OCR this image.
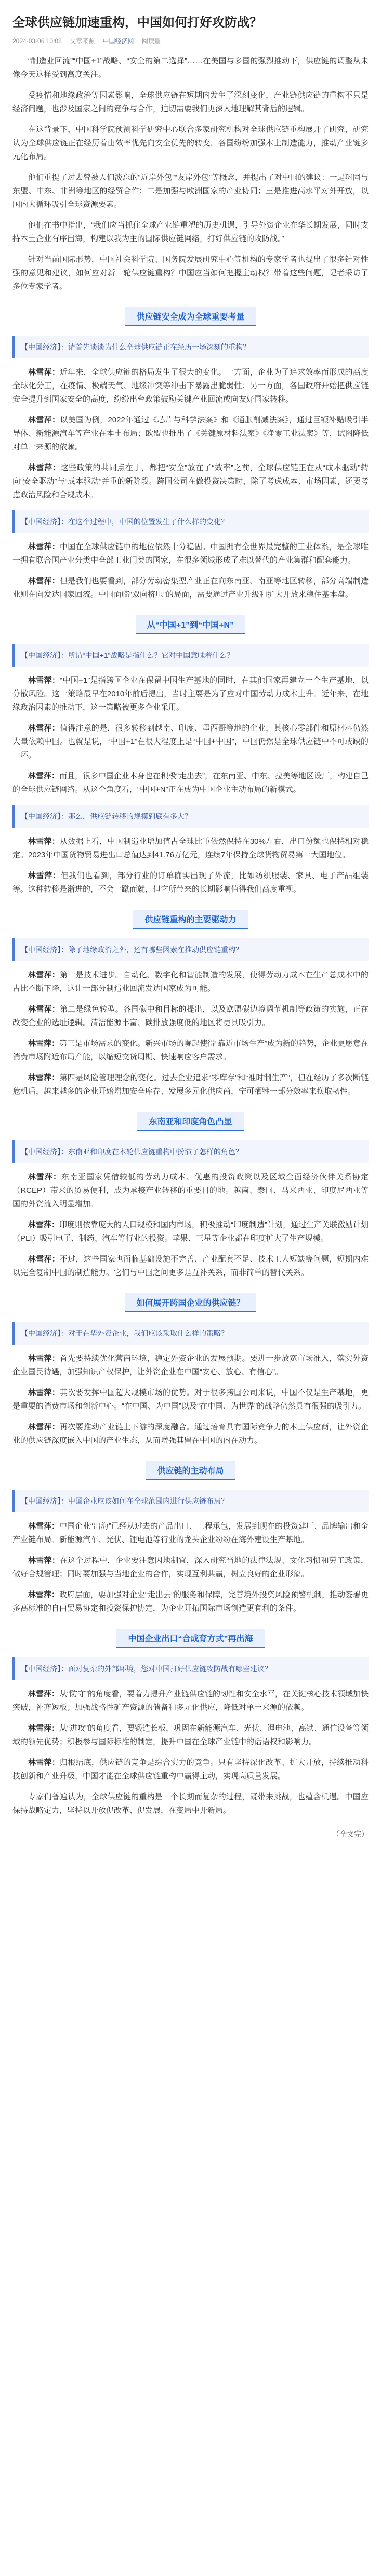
全球供应链加速重构，中国如何打好攻防战？
2024-03-06 10:08 文章来源 中国经济网 阅读量

“制造业回流”“中国+1”战略、“安全的第二选择”……在美国与多国的强烈推动下，供应链的调整从未像今天这样受到高度关注。

受疫情和地缘政治等因素影响，全球供应链在短期内发生了深刻变化，产业链供应链的重构不只是经济问题，也涉及国家之间的竞争与合作，迫切需要我们更深入地理解其背后的逻辑。

在这背景下，中国科学院预测科学研究中心联合多家研究机构对全球供应链重构展开了研究，研究认为全球供应链正在经历着由效率优先向安全优先的转变，各国纷纷加强本土制造能力，推动产业链多元化布局。

他们重提了过去曾被人们淡忘的“近岸外包”“友岸外包”等概念，并提出了对中国的建议：一是巩固与东盟、中东、非洲等地区的经贸合作；二是加强与欧洲国家的产业协同；三是推进高水平对外开放，以国内大循环吸引全球资源要素。

他们在书中指出，“我们应当抓住全球产业链重塑的历史机遇，引导外资企业在华长期发展，同时支持本土企业有序出海，构建以我为主的国际供应链网络，打好供应链的攻防战。”

针对当前国际形势，中国社会科学院、国务院发展研究中心等机构的专家学者也提出了很多针对性强的意见和建议，如何应对新一轮供应链重构？中国应当如何把握主动权？带着这些问题，记者采访了多位专家学者。

供应链安全成为全球重要考量
【中国经济】：请首先谈谈为什么全球供应链正在经历一场深刻的重构？

林雪萍：近年来，全球供应链的格局发生了很大的变化。一方面，企业为了追求效率而形成的高度全球化分工，在疫情、极端天气、地缘冲突等冲击下暴露出脆弱性；另一方面，各国政府开始把供应链安全提升到国家安全的高度，纷纷出台政策鼓励关键产业回流或向友好国家转移。

林雪萍：以美国为例，2022年通过《芯片与科学法案》和《通胀削减法案》，通过巨额补贴吸引半导体、新能源汽车等产业在本土布局；欧盟也推出了《关键原材料法案》《净零工业法案》等，试图降低对单一来源的依赖。

林雪萍：这些政策的共同点在于，都把“安全”放在了“效率”之前，全球供应链正在从“成本驱动”转向“安全驱动”与“成本驱动”并重的新阶段。跨国公司在做投资决策时，除了考虑成本、市场因素，还要考虑政治风险和合规成本。

【中国经济】：在这个过程中，中国的位置发生了什么样的变化？

林雪萍：中国在全球供应链中的地位依然十分稳固。中国拥有全世界最完整的工业体系，是全球唯一拥有联合国产业分类中全部工业门类的国家，在很多领域形成了难以替代的产业集群和配套能力。

林雪萍：但是我们也要看到，部分劳动密集型产业正在向东南亚、南亚等地区转移，部分高端制造业则在向发达国家回流。中国面临“双向挤压”的局面，需要通过产业升级和扩大开放来稳住基本盘。

从“中国+1”到“中国+N”
【中国经济】：所谓“中国+1”战略是指什么？它对中国意味着什么？

林雪萍：“中国+1”是指跨国企业在保留中国生产基地的同时，在其他国家再建立一个生产基地，以分散风险。这一策略最早在2010年前后提出，当时主要是为了应对中国劳动力成本上升。近年来，在地缘政治因素的推动下，这一策略被更多企业采用。

林雪萍：值得注意的是，很多转移到越南、印度、墨西哥等地的企业，其核心零部件和原材料仍然大量依赖中国。也就是说，“中国+1”在很大程度上是“中国+中国”，中国仍然是全球供应链中不可或缺的一环。

林雪萍：而且，很多中国企业本身也在积极“走出去”，在东南亚、中东、拉美等地区设厂，构建自己的全球供应链网络。从这个角度看，“中国+N”正在成为中国企业主动布局的新模式。

【中国经济】：那么，供应链转移的规模到底有多大？

林雪萍：从数据上看，中国制造业增加值占全球比重依然保持在30%左右，出口份额也保持相对稳定。2023年中国货物贸易进出口总值达到41.76万亿元，连续7年保持全球货物贸易第一大国地位。

林雪萍：但我们也看到，部分行业的订单确实出现了外流，比如纺织服装、家具、电子产品组装等。这种转移是渐进的，不会一蹴而就，但它所带来的长期影响值得我们高度重视。

供应链重构的主要驱动力
【中国经济】：除了地缘政治之外，还有哪些因素在推动供应链重构？

林雪萍：第一是技术进步。自动化、数字化和智能制造的发展，使得劳动力成本在生产总成本中的占比不断下降，这让一部分制造业回流发达国家成为可能。

林雪萍：第二是绿色转型。各国碳中和目标的提出，以及欧盟碳边境调节机制等政策的实施，正在改变企业的选址逻辑。清洁能源丰富、碳排放强度低的地区将更具吸引力。

林雪萍：第三是市场需求的变化。新兴市场的崛起使得“靠近市场生产”成为新的趋势，企业更愿意在消费市场附近布局产能，以缩短交货周期、快速响应客户需求。

林雪萍：第四是风险管理理念的变化。过去企业追求“零库存”和“准时制生产”，但在经历了多次断链危机后，越来越多的企业开始增加安全库存、发展多元化供应商，宁可牺牲一部分效率来换取韧性。

东南亚和印度角色凸显
【中国经济】：东南亚和印度在本轮供应链重构中扮演了怎样的角色？

林雪萍：东南亚国家凭借较低的劳动力成本、优惠的投资政策以及区域全面经济伙伴关系协定（RCEP）带来的贸易便利，成为承接产业转移的重要目的地。越南、泰国、马来西亚、印度尼西亚等国的外资流入明显增加。

林雪萍：印度则依靠庞大的人口规模和国内市场，积极推动“印度制造”计划，通过生产关联激励计划（PLI）吸引电子、制药、汽车等行业的投资。苹果、三星等企业都在印度扩大了生产规模。

林雪萍：不过，这些国家也面临基础设施不完善、产业配套不足、技术工人短缺等问题，短期内难以完全复制中国的制造能力。它们与中国之间更多是互补关系，而非简单的替代关系。

如何展开跨国企业的供应链？
【中国经济】：对于在华外资企业，我们应该采取什么样的策略？

林雪萍：首先要持续优化营商环境，稳定外资企业的发展预期。要进一步放宽市场准入，落实外资企业国民待遇，加强知识产权保护，让外资企业在中国“安心、放心、有信心”。

林雪萍：其次要发挥中国超大规模市场的优势。对于很多跨国公司来说，中国不仅是生产基地，更是重要的消费市场和创新中心。“在中国、为中国”以及“在中国、为世界”的战略仍然具有很强的吸引力。

林雪萍：再次要推动产业链上下游的深度融合。通过培育具有国际竞争力的本土供应商，让外资企业的供应链深度嵌入中国的产业生态，从而增强其留在中国的内在动力。

供应链的主动布局
【中国经济】：中国企业应该如何在全球范围内进行供应链布局？

林雪萍：中国企业“出海”已经从过去的产品出口、工程承包，发展到现在的投资建厂、品牌输出和全产业链布局。新能源汽车、光伏、锂电池等行业的龙头企业纷纷在海外建设生产基地。

林雪萍：在这个过程中，企业要注意因地制宜，深入研究当地的法律法规、文化习惯和劳工政策，做好合规管理；同时要加强与当地企业的合作，实现互利共赢，树立良好的企业形象。

林雪萍：政府层面，要加强对企业“走出去”的服务和保障，完善境外投资风险预警机制，推动签署更多高标准的自由贸易协定和投资保护协定，为企业开拓国际市场创造更有利的条件。

中国企业出口“合成育方式”再出海
【中国经济】：面对复杂的外部环境，您对中国打好供应链攻防战有哪些建议？

林雪萍：从“防守”的角度看，要着力提升产业链供应链的韧性和安全水平，在关键核心技术领域加快突破，补齐短板；加强战略性矿产资源的储备和多元化供应，降低对单一来源的依赖。

林雪萍：从“进攻”的角度看，要锻造长板，巩固在新能源汽车、光伏、锂电池、高铁、通信设备等领域的领先优势；积极参与国际标准的制定，提升中国在全球产业链中的话语权和影响力。

林雪萍：归根结底，供应链的竞争是综合实力的竞争。只有坚持深化改革、扩大开放，持续推动科技创新和产业升级，中国才能在全球供应链重构中赢得主动，实现高质量发展。

专家们普遍认为，全球供应链的重构是一个长期而复杂的过程，既带来挑战，也蕴含机遇。中国应保持战略定力，坚持以开放促改革、促发展，在变局中开新局。

（全文完）
